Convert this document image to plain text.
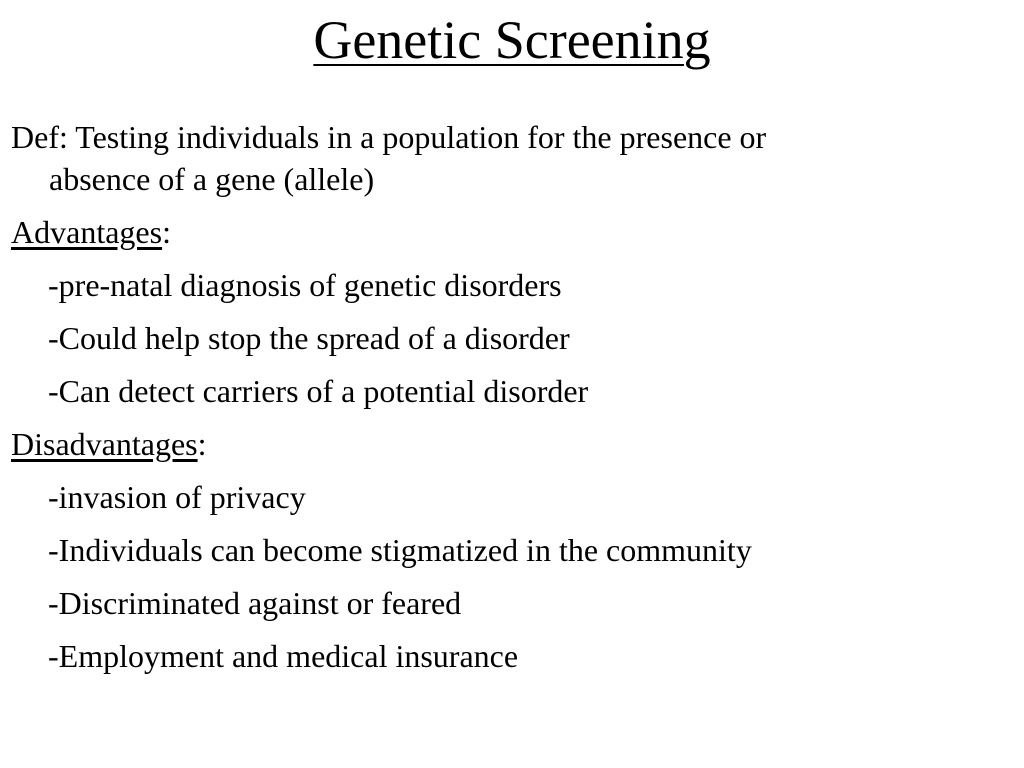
Genetic Screening

Def: Testing individuals in a population for the presence or absence of a gene (allele)

Advantages:

-pre-natal diagnosis of genetic disorders

-Could help stop the spread of a disorder

-Can detect carriers of a potential disorder

Disadvantages:

-invasion of privacy

-Individuals can become stigmatized in the community

-Discriminated against or feared

-Employment and medical insurance
